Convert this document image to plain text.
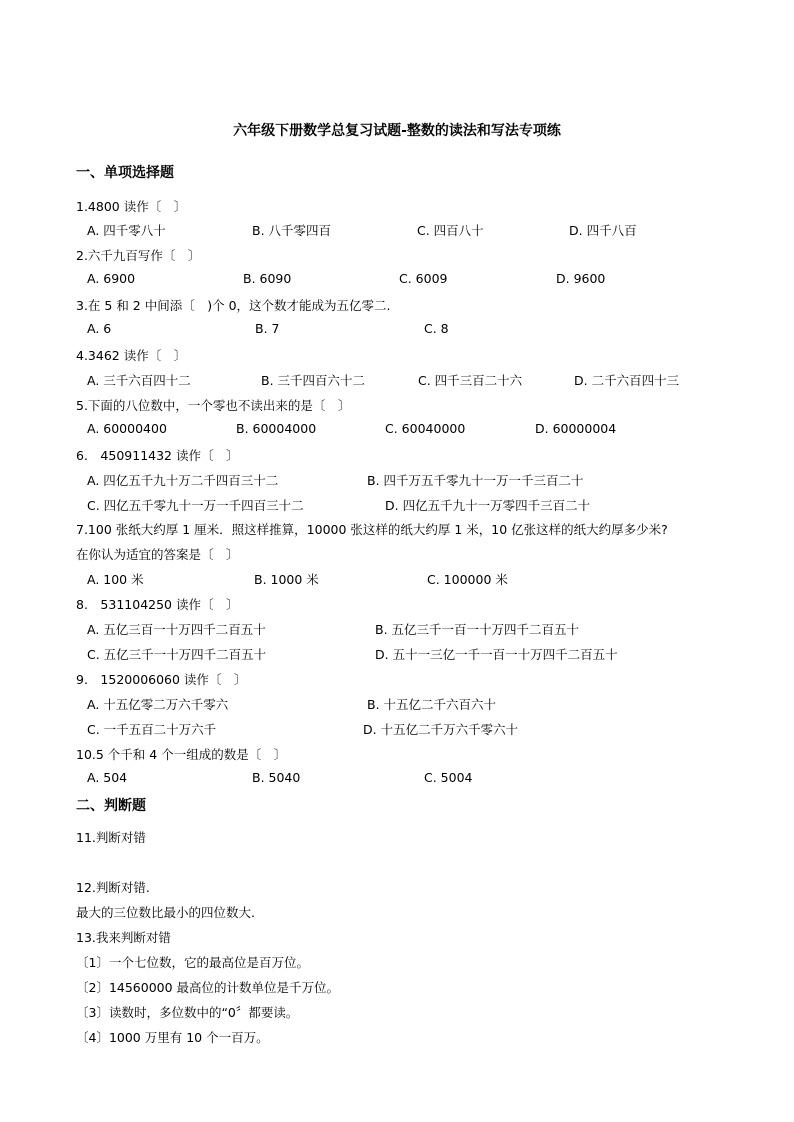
六年级下册数学总复习试题-整数的读法和写法专项练
一、单项选择题
1.4800 读作〔　〕
A. 四千零八十	B. 八千零四百	C. 四百八十	D. 四千八百
2.六千九百写作〔　〕
A. 6900	B. 6090	C. 6009	D. 9600
3.在 5 和 2 中间添〔　)个 0，这个数才能成为五亿零二.
A. 6	B. 7	C. 8
4.3462 读作〔　〕
A. 三千六百四十二	B. 三千四百六十二	C. 四千三百二十六	D. 二千六百四十三
5.下面的八位数中，一个零也不读出来的是〔　〕
A. 60000400	B. 60004000	C. 60040000	D. 60000004
6.　450911432 读作〔　〕
A. 四亿五千九十万二千四百三十二	B. 四千万五千零九十一万一千三百二十
C. 四亿五千零九十一万一千四百三十二	D. 四亿五千九十一万零四千三百二十
7.100 张纸大约厚 1 厘米．照这样推算，10000 张这样的纸大约厚 1 米，10 亿张这样的纸大约厚多少米?
在你认为适宜的答案是〔　〕
A. 100 米	B. 1000 米	C. 100000 米
8.　531104250 读作〔　〕
A. 五亿三百一十万四千二百五十	B. 五亿三千一百一十万四千二百五十
C. 五亿三千一十万四千二百五十	D. 五十一三亿一千一百一十万四千二百五十
9.　1520006060 读作〔　〕
A. 十五亿零二万六千零六	B. 十五亿二千六百六十
C. 一千五百二十万六千	D. 十五亿二千万六千零六十
10.5 个千和 4 个一组成的数是〔　〕
A. 504	B. 5040	C. 5004
二、判断题
11.判断对错
12.判断对错.
最大的三位数比最小的四位数大.
13.我来判断对错
〔1〕一个七位数，它的最高位是百万位。
〔2〕14560000 最高位的计数单位是千万位。
〔3〕读数时，多位数中的“0〞都要读。
〔4〕1000 万里有 10 个一百万。
